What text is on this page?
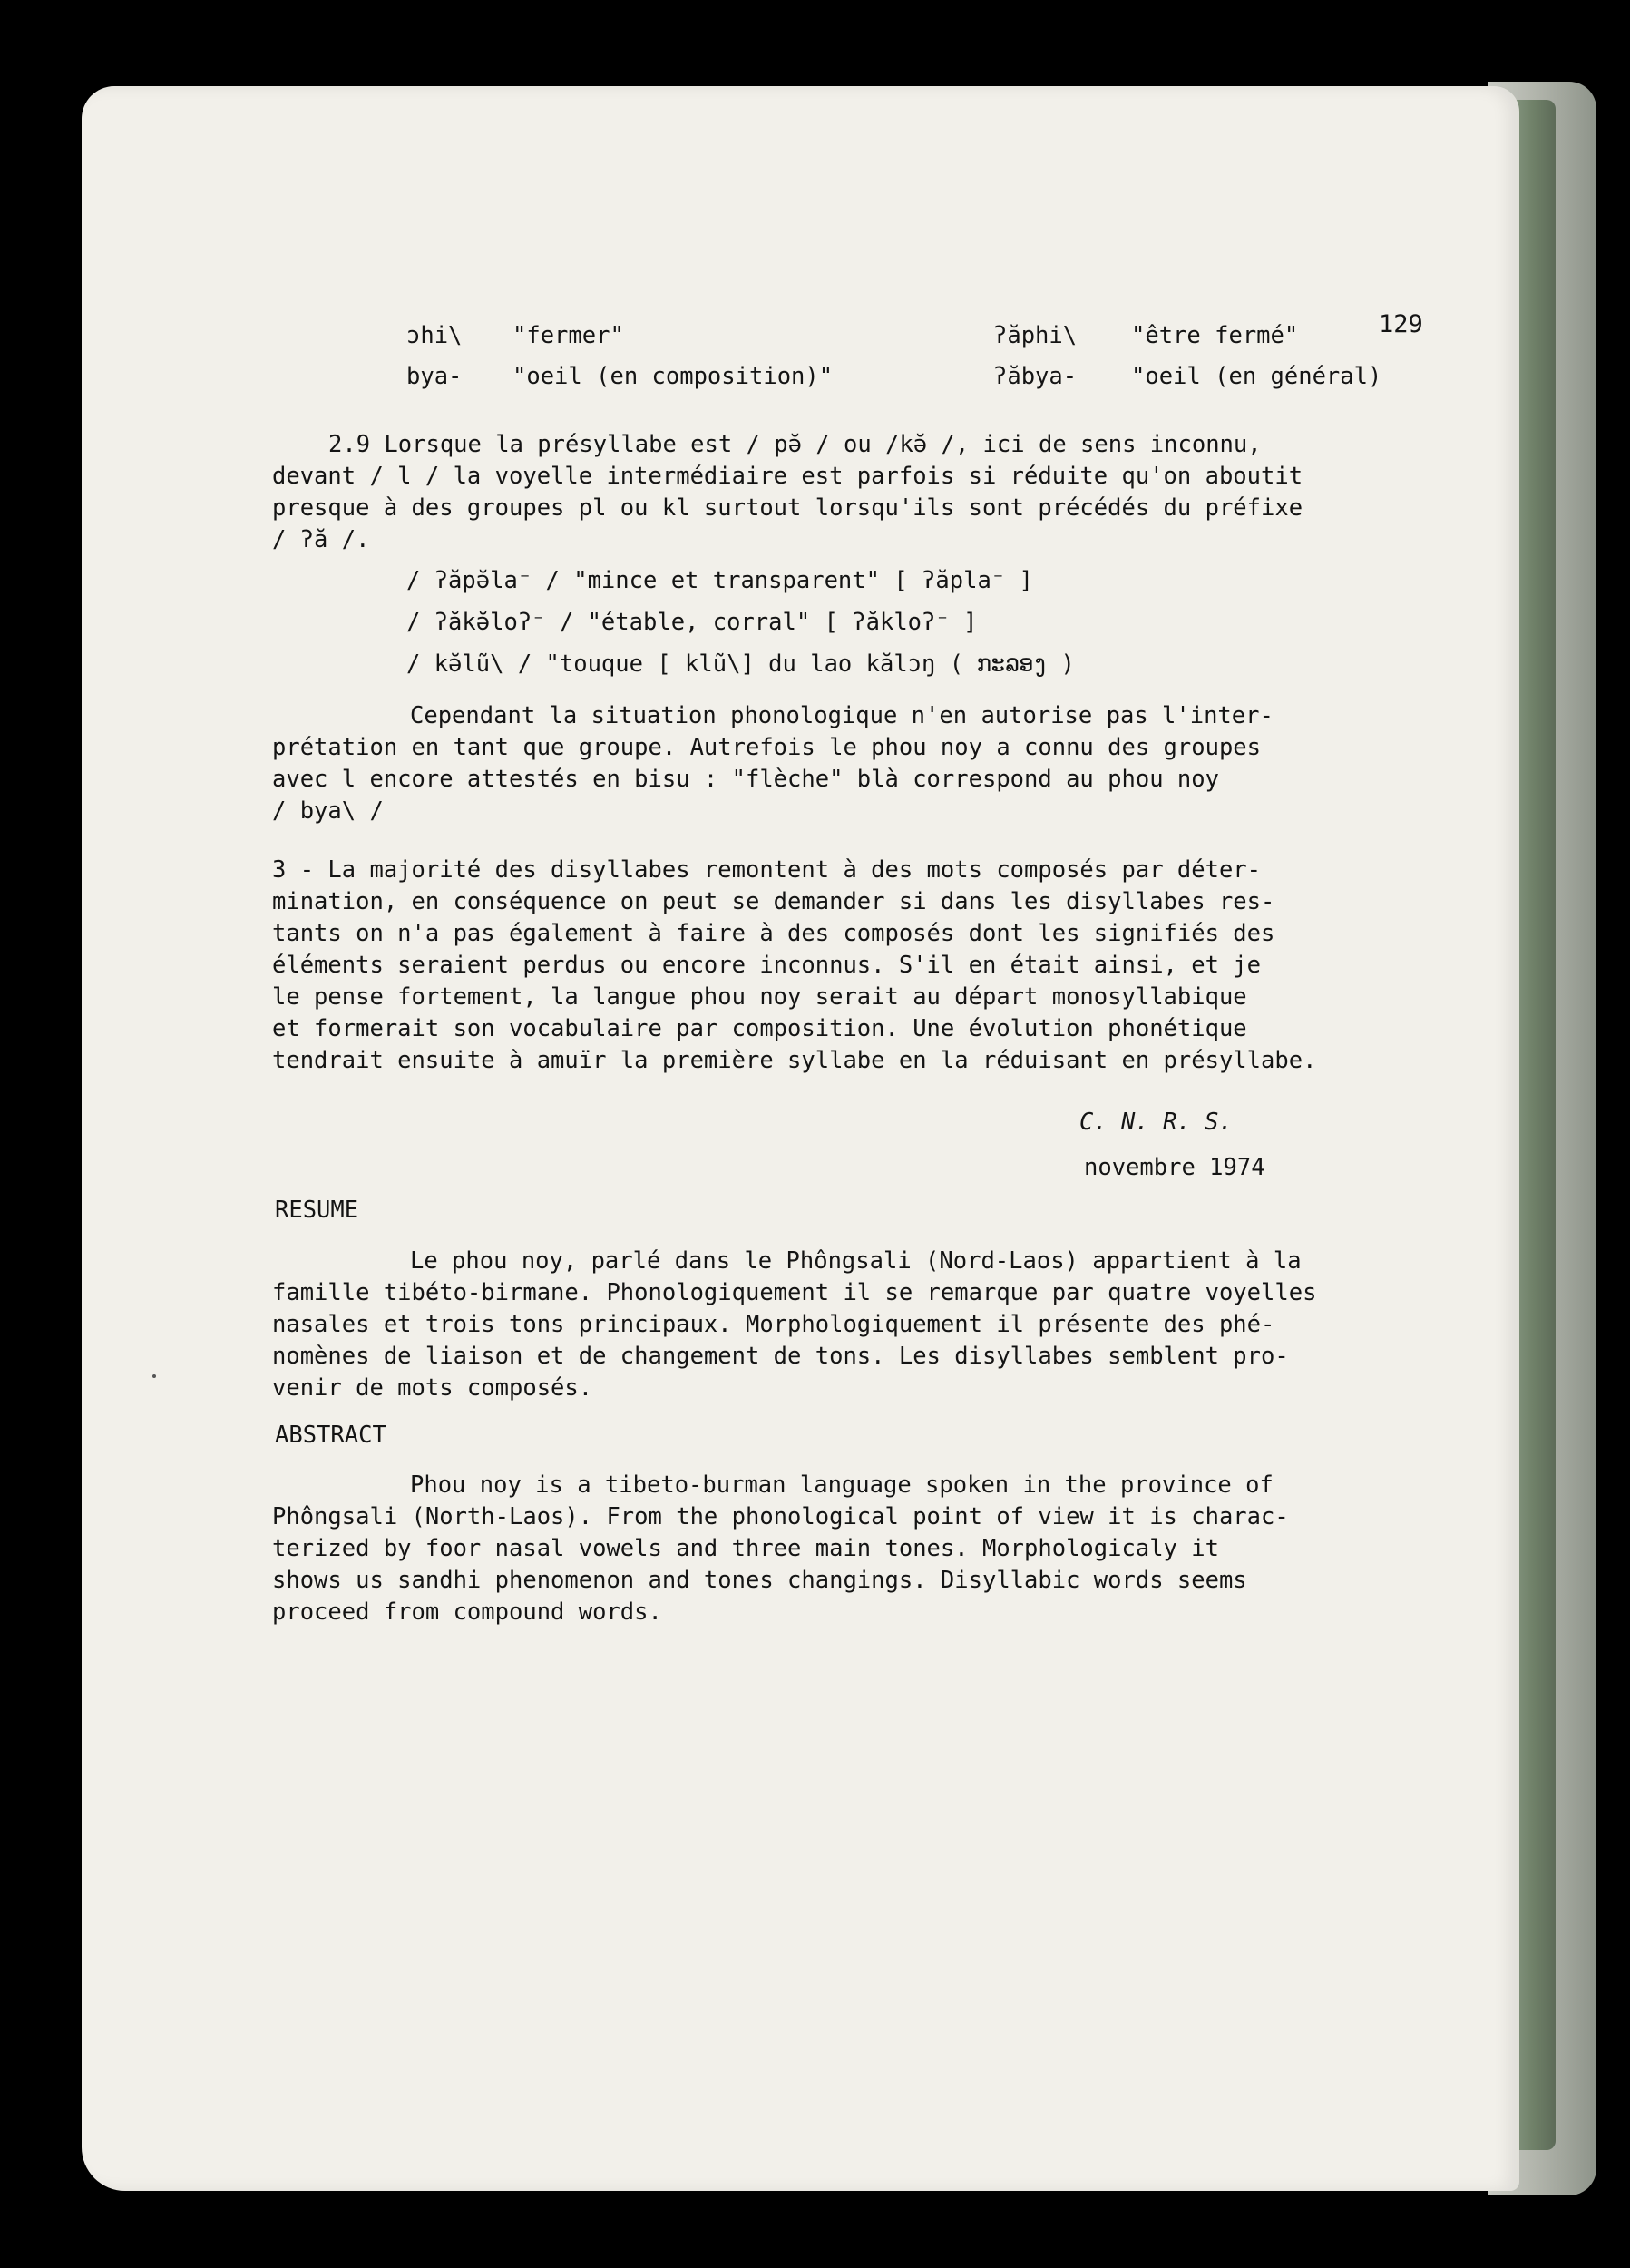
129
ɔhi\ "fermer"	ʔăphi\ "être fermé"
bya- "oeil (en composition)"	ʔăbya- "oeil (en général)
2.9 Lorsque la présyllabe est / pə̆ / ou /kə̆ /, ici de sens inconnu,
devant / l / la voyelle intermédiaire est parfois si réduite qu'on aboutit
presque à des groupes pl ou kl surtout lorsqu'ils sont précédés du préfixe
/ ʔă /.
/ ʔăpə̆la⁻ / "mince et transparent" [ ʔăpla⁻ ]
/ ʔăkə̆loʔ⁻ / "étable, corral" [ ʔăkloʔ⁻ ]
/ kə̆lũ\ / "touque [ klũ\] du lao kălɔŋ ( ກະລອງ )
Cependant la situation phonologique n'en autorise pas l'inter-
prétation en tant que groupe. Autrefois le phou noy a connu des groupes
avec l encore attestés en bisu : "flèche" blà correspond au phou noy
/ bya\ /
3 - La majorité des disyllabes remontent à des mots composés par déter-
mination, en conséquence on peut se demander si dans les disyllabes res-
tants on n'a pas également à faire à des composés dont les signifiés des
éléments seraient perdus ou encore inconnus. S'il en était ainsi, et je
le pense fortement, la langue phou noy serait au départ monosyllabique
et formerait son vocabulaire par composition. Une évolution phonétique
tendrait ensuite à amuïr la première syllabe en la réduisant en présyllabe.
C. N. R. S.
novembre 1974
RESUME
Le phou noy, parlé dans le Phôngsali (Nord-Laos) appartient à la
famille tibéto-birmane. Phonologiquement il se remarque par quatre voyelles
nasales et trois tons principaux. Morphologiquement il présente des phé-
nomènes de liaison et de changement de tons. Les disyllabes semblent pro-
venir de mots composés.
ABSTRACT
Phou noy is a tibeto-burman language spoken in the province of
Phôngsali (North-Laos). From the phonological point of view it is charac-
terized by foor nasal vowels and three main tones. Morphologicaly it
shows us sandhi phenomenon and tones changings. Disyllabic words seems
proceed from compound words.
